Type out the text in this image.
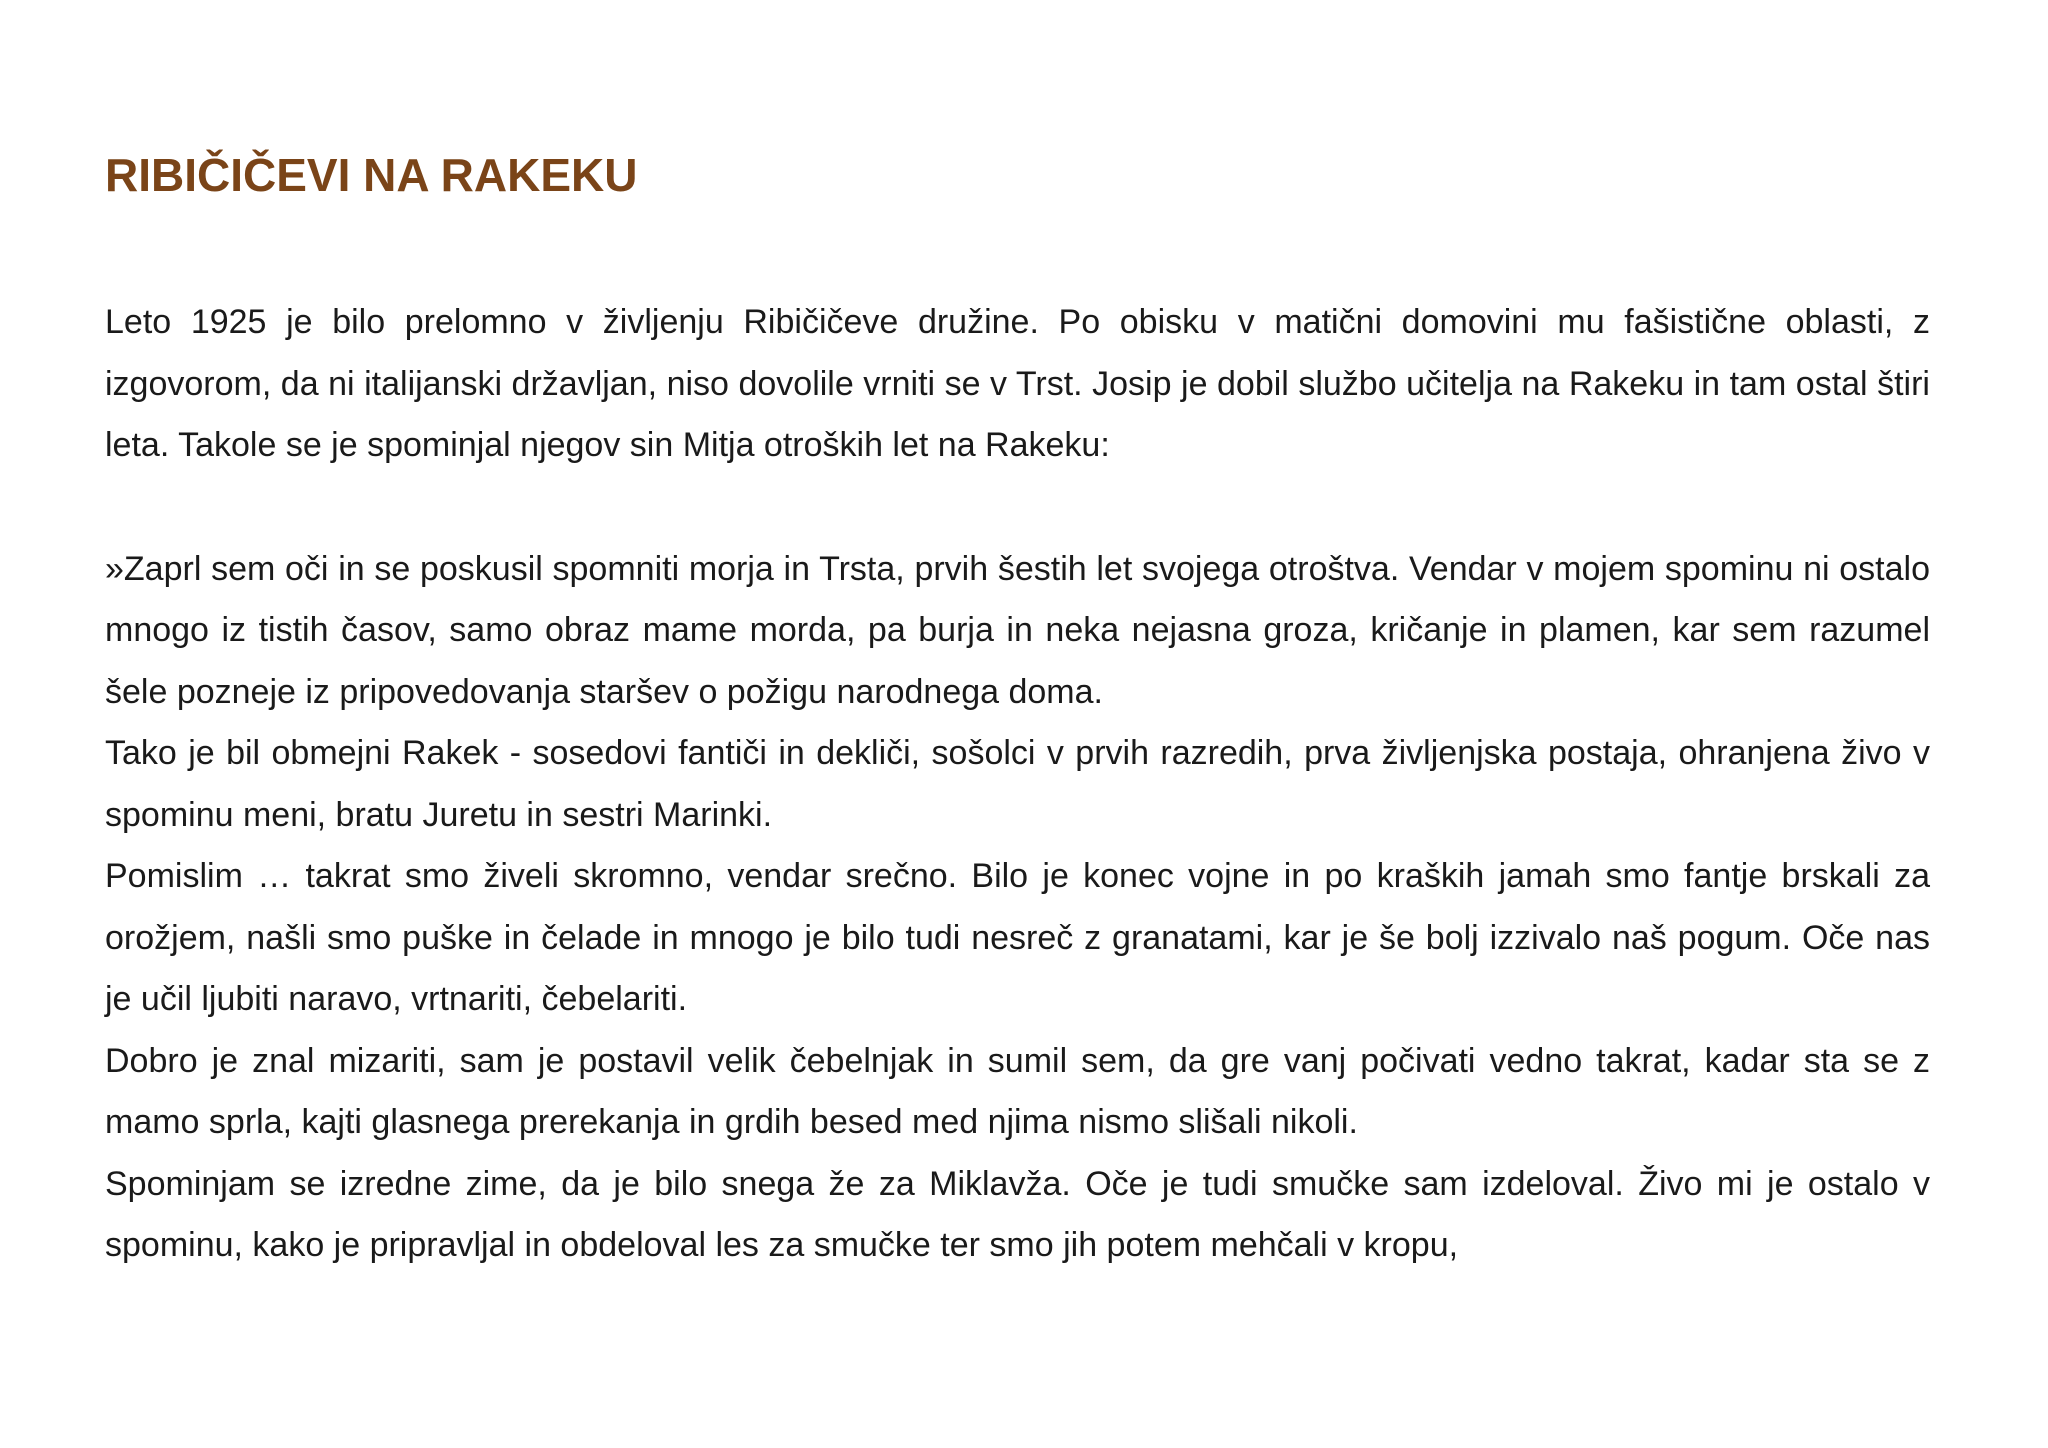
RIBIČIČEVI NA RAKEKU

Leto 1925 je bilo prelomno v življenju Ribičičeve družine. Po obisku v matični domovini mu fašistične oblasti, z izgovorom, da ni italijanski državljan, niso dovolile vrniti se v Trst. Josip je dobil službo učitelja na Rakeku in tam ostal štiri leta. Takole se je spominjal njegov sin Mitja otroških let na Rakeku:

»Zaprl sem oči in se poskusil spomniti morja in Trsta, prvih šestih let svojega otroštva. Vendar v mojem spominu ni ostalo mnogo iz tistih časov, samo obraz mame morda, pa burja in neka nejasna groza, kričanje in plamen, kar sem razumel šele pozneje iz pripovedovanja staršev o požigu narodnega doma.

Tako je bil obmejni Rakek - sosedovi fantiči in dekliči, sošolci v prvih razredih, prva življenjska postaja, ohranjena živo v spominu meni, bratu Juretu in sestri Marinki.

Pomislim … takrat smo živeli skromno, vendar srečno. Bilo je konec vojne in po kraških jamah smo fantje brskali za orožjem, našli smo puške in čelade in mnogo je bilo tudi nesreč z granatami, kar je še bolj izzivalo naš pogum. Oče nas je učil ljubiti naravo, vrtnariti, čebelariti.

Dobro je znal mizariti, sam je postavil velik čebelnjak in sumil sem, da gre vanj počivati vedno takrat, kadar sta se z mamo sprla, kajti glasnega prerekanja in grdih besed med njima nismo slišali nikoli.

Spominjam se izredne zime, da je bilo snega že za Miklavža. Oče je tudi smučke sam izdeloval. Živo mi je ostalo v spominu, kako je pripravljal in obdeloval les za smučke ter smo jih potem mehčali v kropu,
